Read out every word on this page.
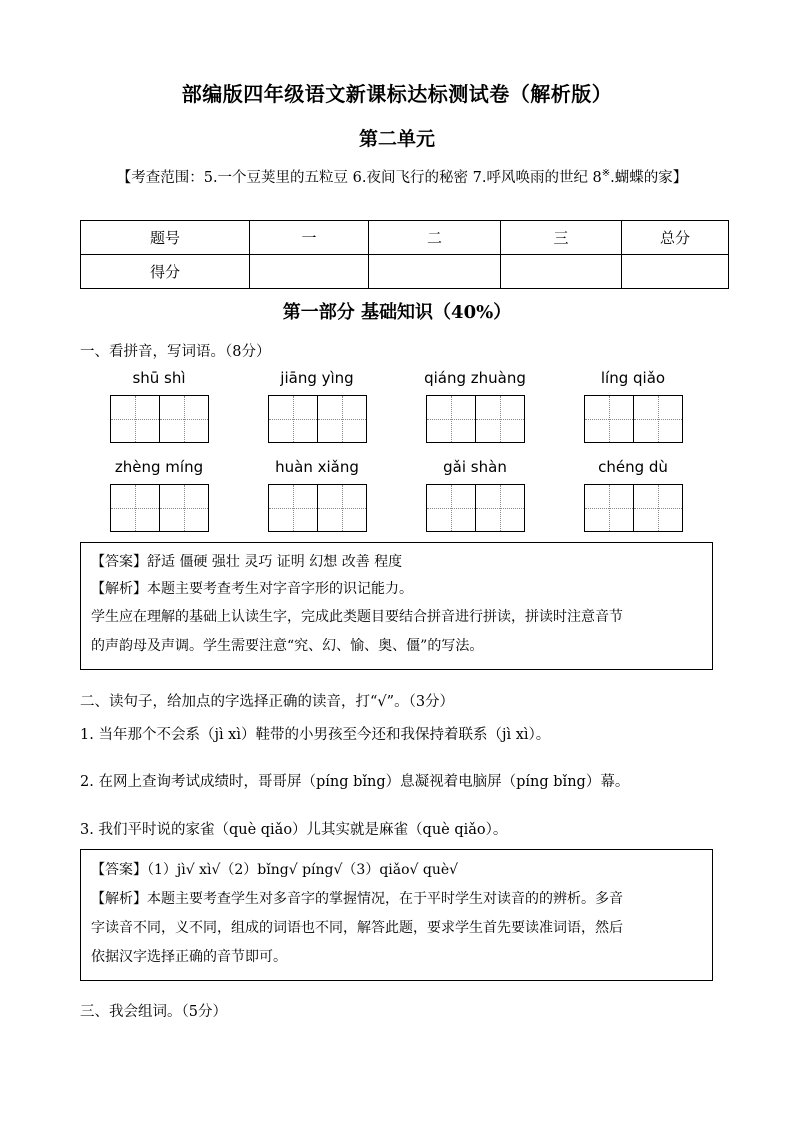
部编版四年级语文新课标达标测试卷（解析版）
第二单元
【考查范围：5.一个豆荚里的五粒豆 6.夜间飞行的秘密 7.呼风唤雨的世纪 8※.蝴蝶的家】
题号	一	二	三	总分
得分				
第一部分 基础知识（40%）
一、看拼音，写词语。（8分）
shū shì	jiāng yìng	qiáng zhuàng	líng qiǎo
zhèng míng	huàn xiǎng	gǎi shàn	chéng dù

【答案】舒适 僵硬 强壮 灵巧 证明 幻想 改善 程度

【解析】本题主要考查考生对字音字形的识记能力。

学生应在理解的基础上认读生字，完成此类题目要结合拼音进行拼读，拼读时注意音节

的声韵母及声调。学生需要注意“究、幻、愉、奥、僵”的写法。

二、读句子，给加点的字选择正确的读音，打“√”。（3分）
1. 当年那个不会系（jì xì）鞋带的小男孩至今还和我保持着联系（jì xì）。
2. 在网上查询考试成绩时，哥哥屏（píng bǐng）息凝视着电脑屏（píng bǐng）幕。
3. 我们平时说的家雀（què qiǎo）儿其实就是麻雀（què qiǎo）。

【答案】（1）jì√ xì√（2）bǐng√ píng√（3）qiǎo√ què√

【解析】本题主要考查学生对多音字的掌握情况，在于平时学生对读音的的辨析。多音

字读音不同，义不同，组成的词语也不同，解答此题，要求学生首先要读准词语，然后

依据汉字选择正确的音节即可。

三、我会组词。（5分）
